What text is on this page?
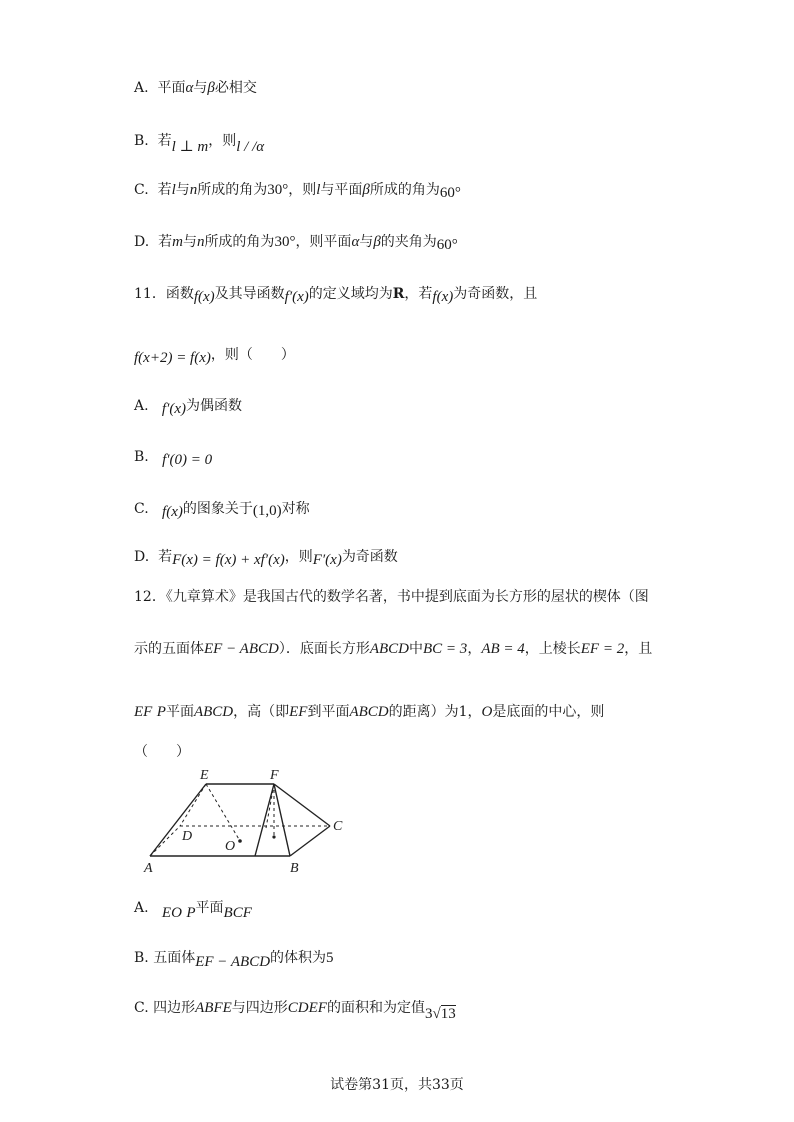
A. 平面α与β必相交
B. 若l ⊥ m，则l / /α
C. 若l与n所成的角为30°，则l与平面β所成的角为60°
D. 若m与n所成的角为30°，则平面α与β的夹角为60°
11．函数f(x)及其导函数f′(x)的定义域均为R，若f(x)为奇函数，且
f(x+2) = f(x)，则（　　）
A. f′(x)为偶函数
B. f′(0) = 0
C. f(x)的图象关于(1,0)对称
D. 若F(x) = f(x) + xf′(x)，则F′(x)为奇函数
12．《九章算术》是我国古代的数学名著，书中提到底面为长方形的屋状的楔体（图
示的五面体EF − ABCD）．底面长方形ABCD中BC = 3，AB = 4，上棱长EF = 2，且
EF Ρ平面ABCD，高（即EF到平面ABCD的距离）为1，O是底面的中心，则
（　　）
E	F
D
C
O
A	B
A. EO Ρ平面BCF
B. 五面体EF − ABCD的体积为5
C. 四边形ABFE与四边形CDEF的面积和为定值3√13
试卷第31页，共33页
